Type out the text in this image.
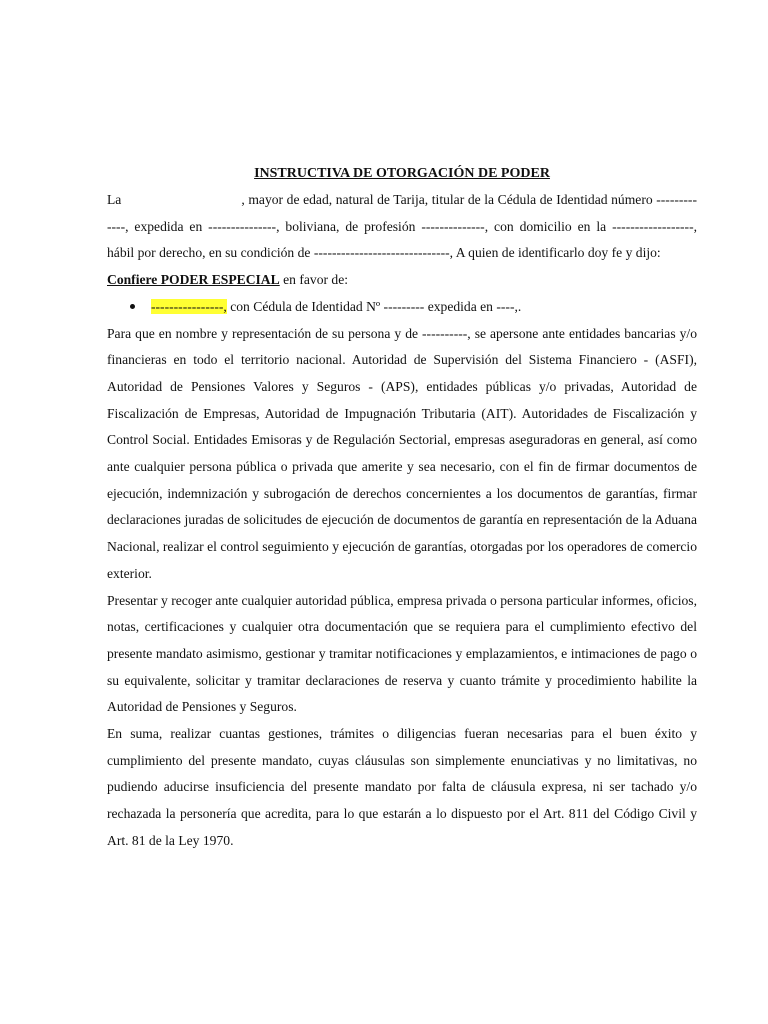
INSTRUCTIVA DE OTORGACIÓN DE PODER

La	, mayor de edad, natural de Tarija, titular de la Cédula de Identidad número -------------, expedida en ---------------, boliviana, de profesión --------------, con domicilio en la ------------------, hábil por derecho, en su condición de ------------------------------, A quien de identificarlo doy fe y dijo:

Confiere PODER ESPECIAL en favor de:

----------------, con Cédula de Identidad Nº --------- expedida en ----,.

Para que en nombre y representación de su persona y de ----------, se apersone ante entidades bancarias y/o financieras en todo el territorio nacional. Autoridad de Supervisión del Sistema Financiero - (ASFI), Autoridad de Pensiones Valores y Seguros - (APS), entidades públicas y/o privadas, Autoridad de Fiscalización de Empresas, Autoridad de Impugnación Tributaria (AIT). Autoridades de Fiscalización y Control Social. Entidades Emisoras y de Regulación Sectorial, empresas aseguradoras en general, así como ante cualquier persona pública o privada que amerite y sea necesario, con el fin de firmar documentos de ejecución, indemnización y subrogación de derechos concernientes a los documentos de garantías, firmar declaraciones juradas de solicitudes de ejecución de documentos de garantía en representación de la Aduana Nacional, realizar el control seguimiento y ejecución de garantías, otorgadas por los operadores de comercio exterior.

Presentar y recoger ante cualquier autoridad pública, empresa privada o persona particular informes, oficios, notas, certificaciones y cualquier otra documentación que se requiera para el cumplimiento efectivo del presente mandato asimismo, gestionar y tramitar notificaciones y emplazamientos, e intimaciones de pago o su equivalente, solicitar y tramitar declaraciones de reserva y cuanto trámite y procedimiento habilite la Autoridad de Pensiones y Seguros.

En suma, realizar cuantas gestiones, trámites o diligencias fueran necesarias para el buen éxito y cumplimiento del presente mandato, cuyas cláusulas son simplemente enunciativas y no limitativas, no pudiendo aducirse insuficiencia del presente mandato por falta de cláusula expresa, ni ser tachado y/o rechazada la personería que acredita, para lo que estarán a lo dispuesto por el Art. 811 del Código Civil y Art. 81 de la Ley 1970.
